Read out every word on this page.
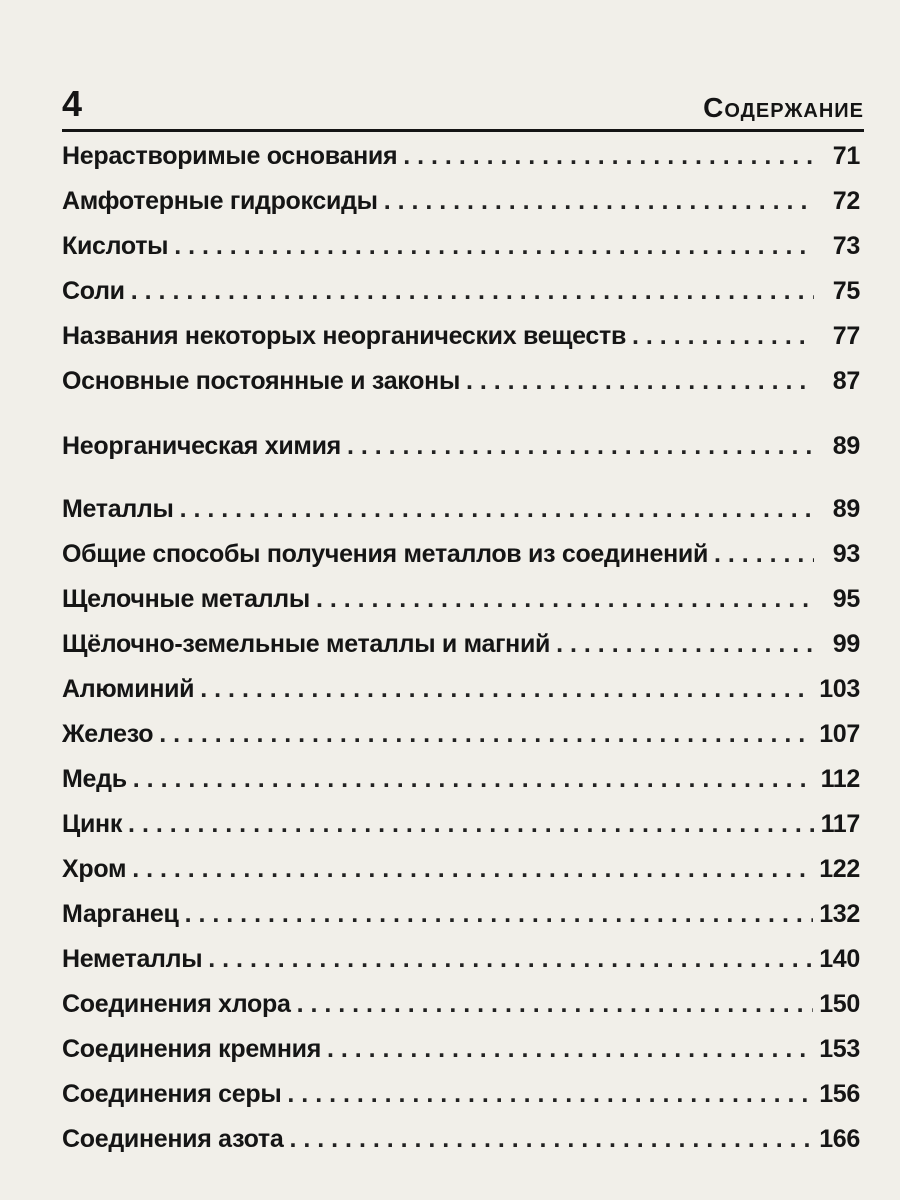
4	Содержание
Нерастворимые основания . . .	71
Амфотерные гидроксиды . . .	72
Кислоты . . .	73
Соли . . .	75
Названия некоторых неорганических веществ . . .	77
Основные постоянные и законы . . .	87
Неорганическая химия . . .	89
Металлы . . .	89
Общие способы получения металлов из соединений . . .	93
Щелочные металлы . . .	95
Щёлочно-земельные металлы и магний . . .	99
Алюминий . . .	103
Железо . . .	107
Медь . . .	112
Цинк . . .	117
Хром . . .	122
Марганец . . .	132
Неметаллы . . .	140
Соединения хлора . . .	150
Соединения кремния . . .	153
Соединения серы . . .	156
Соединения азота . . .	166
